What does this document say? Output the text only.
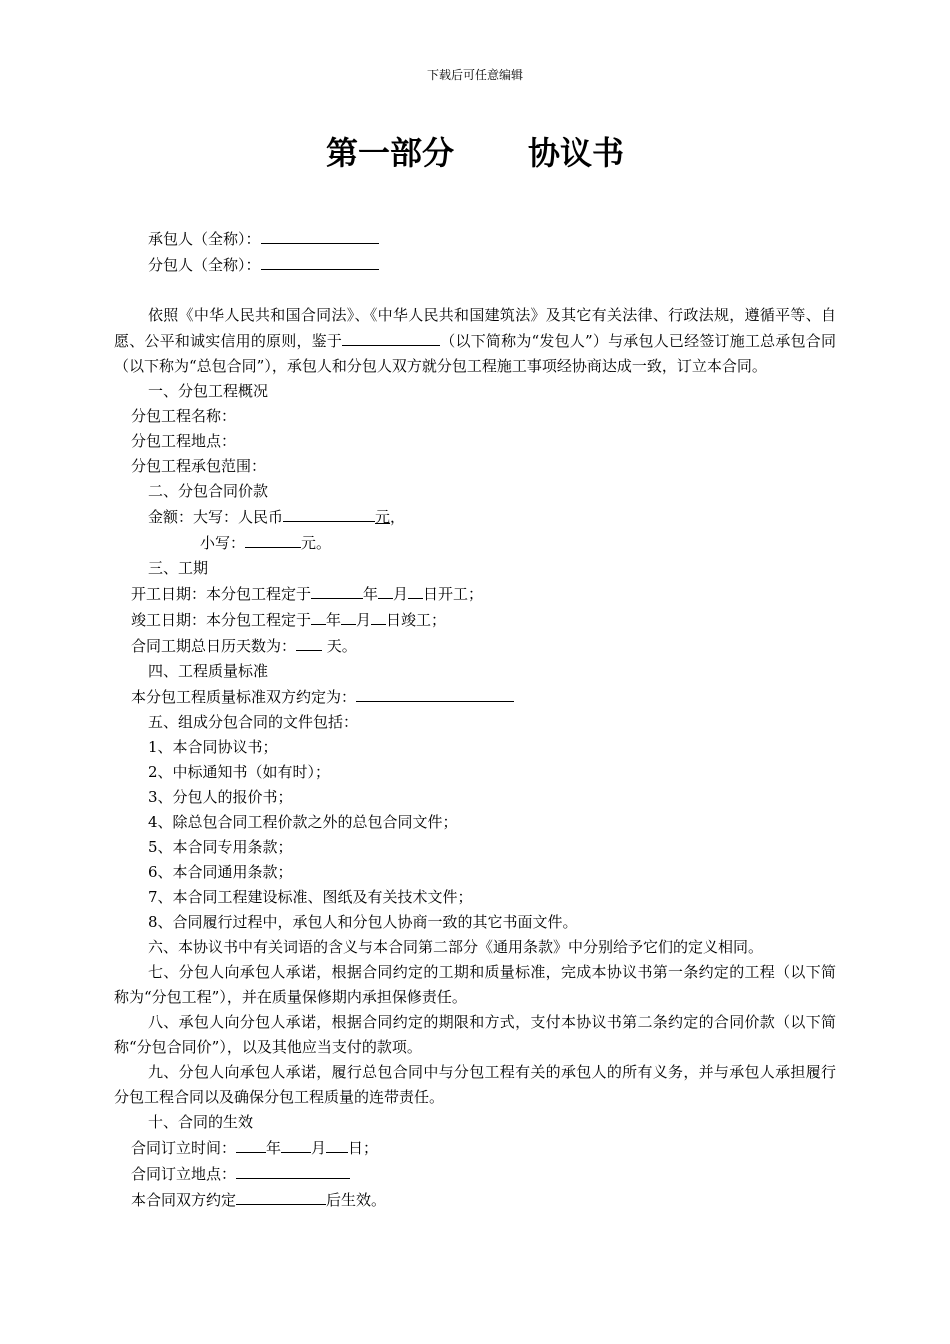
下载后可任意编辑
第一部分 协议书

承包人（全称）：

分包人（全称）：

依照《中华人民共和国合同法》、《中华人民共和国建筑法》及其它有关法律、行政法规，遵循平等、自愿、公平和诚实信用的原则，鉴于	（以下简称为“发包人”）与承包人已经签订施工总承包合同（以下称为“总包合同”），承包人和分包人双方就分包工程施工事项经协商达成一致，订立本合同。

一、分包工程概况

分包工程名称：

分包工程地点：

分包工程承包范围：

二、分包合同价款

金额：大写：人民币	元，

小写：	元。

三、工期

开工日期：本分包工程定于	年 月 日开工；

竣工日期：本分包工程定于 年 月 日竣工；

合同工期总日历天数为： 天。

四、工程质量标准

本分包工程质量标准双方约定为：

五、组成分包合同的文件包括：

1、本合同协议书；

2、中标通知书（如有时）；

3、分包人的报价书；

4、除总包合同工程价款之外的总包合同文件；

5、本合同专用条款；

6、本合同通用条款；

7、本合同工程建设标准、图纸及有关技术文件；

8、合同履行过程中，承包人和分包人协商一致的其它书面文件。

六、本协议书中有关词语的含义与本合同第二部分《通用条款》中分别给予它们的定义相同。

七、分包人向承包人承诺，根据合同约定的工期和质量标准，完成本协议书第一条约定的工程（以下简称为“分包工程”），并在质量保修期内承担保修责任。

八、承包人向分包人承诺，根据合同约定的期限和方式，支付本协议书第二条约定的合同价款（以下简称“分包合同价”），以及其他应当支付的款项。

九、分包人向承包人承诺，履行总包合同中与分包工程有关的承包人的所有义务，并与承包人承担履行分包工程合同以及确保分包工程质量的连带责任。

十、合同的生效

合同订立时间： 年 月 日；

合同订立地点：

本合同双方约定	后生效。
